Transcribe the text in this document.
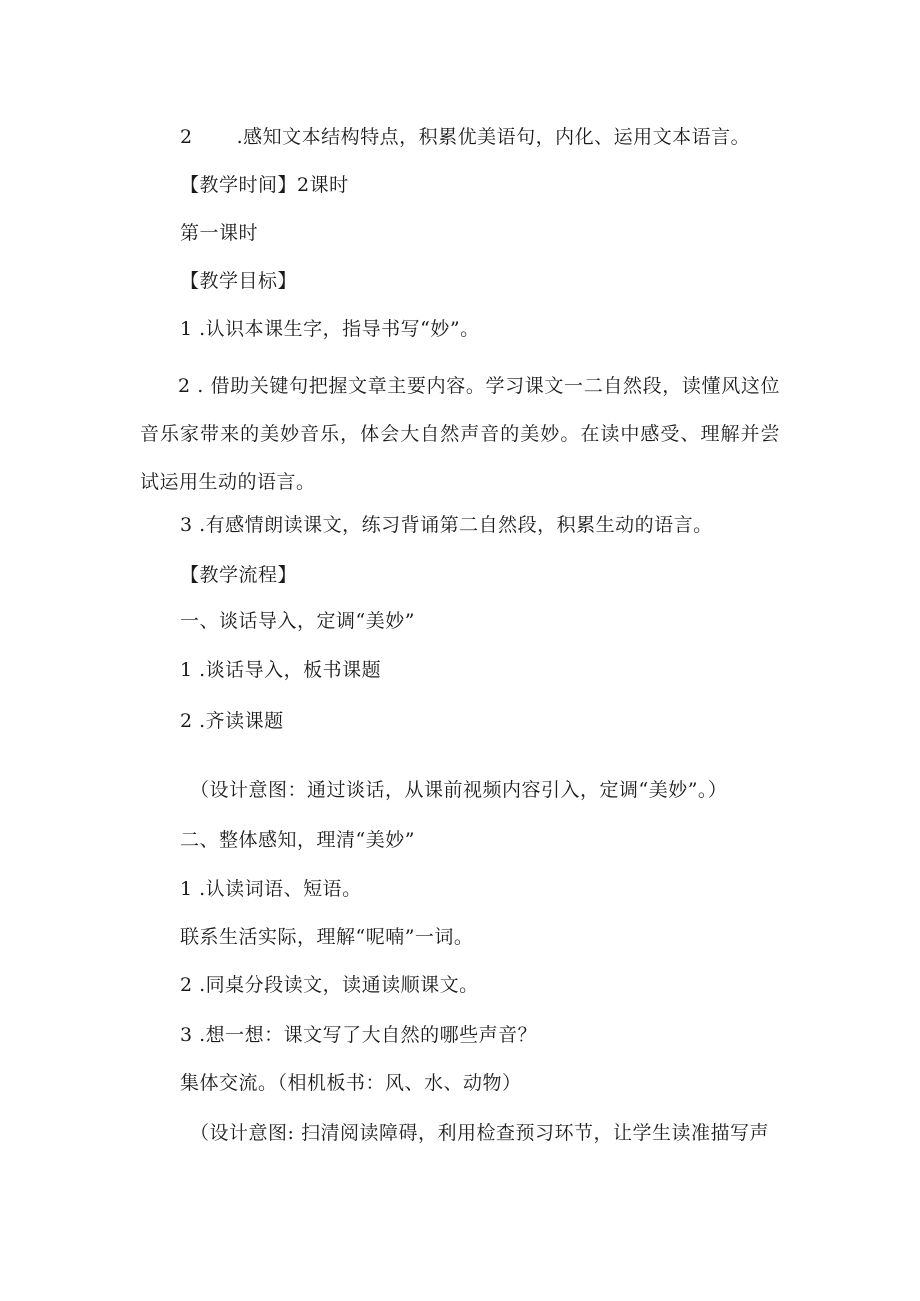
2 .感知文本结构特点，积累优美语句，内化、运用文本语言。
【教学时间】2课时
第一课时
【教学目标】
1 .认识本课生字，指导书写“妙”。
2 . 借助关键句把握文章主要内容。学习课文一二自然段，读懂风这位音乐家带来的美妙音乐，体会大自然声音的美妙。在读中感受、理解并尝试运用生动的语言。
3 .有感情朗读课文，练习背诵第二自然段，积累生动的语言。
【教学流程】
一、谈话导入，定调“美妙”
1 .谈话导入，板书课题
2 .齐读课题
（设计意图：通过谈话，从课前视频内容引入，定调“美妙”。）
二、整体感知，理清“美妙”
1 .认读词语、短语。
联系生活实际，理解“呢喃”一词。
2 .同桌分段读文，读通读顺课文。
3 .想一想：课文写了大自然的哪些声音？
集体交流。（相机板书：风、水、动物）
（设计意图: 扫清阅读障碍，利用检查预习环节，让学生读准描写声
